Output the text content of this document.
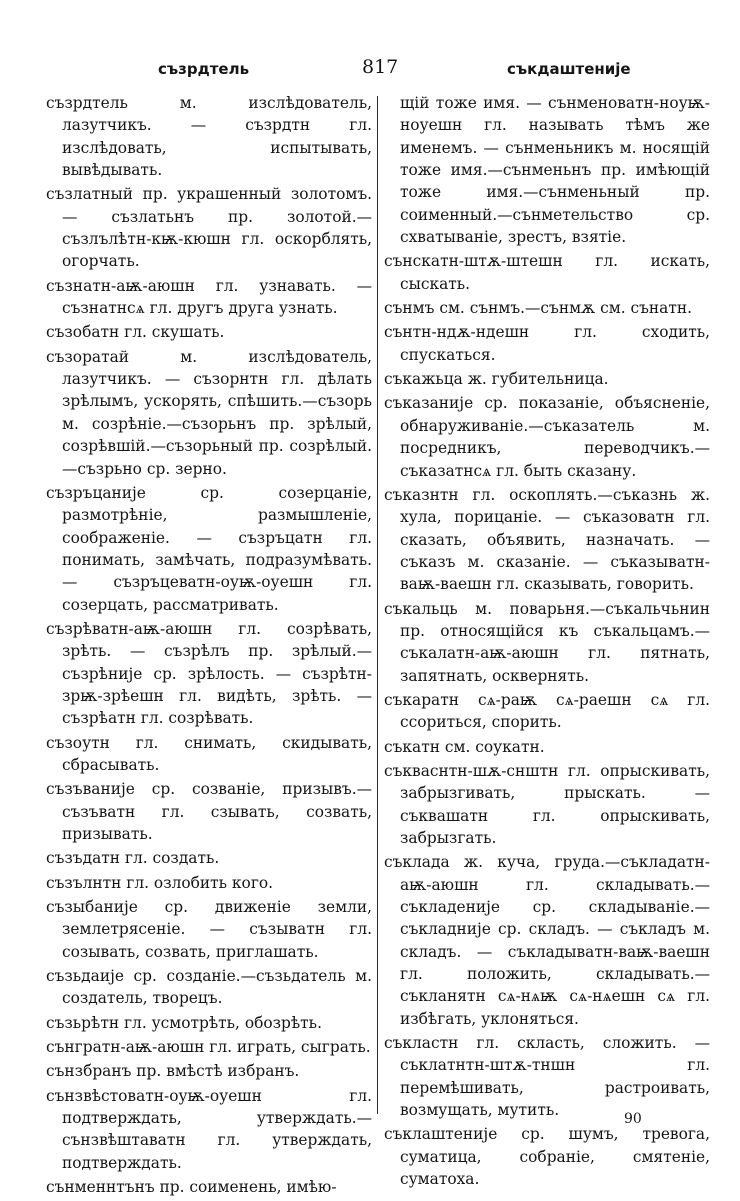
съзрдтель	817	съкдаштеније

съзрдтель м. изслѣдователь, лазутчикъ. — съзрдтн гл. изслѣдовать, испытывать, вывѣдывать.

съзлатный пр. украшенный золотомъ. — съзлатьнъ пр. золотой.— съзлълѣтн-кѭ-кюшн гл. оскорблять, огорчать.

съзнатн-аѭ-аюшн гл. узнавать. — съзнатнсѧ гл. другъ друга узнать.

съзобатн гл. скушать.

съзоратай м. изслѣдователь, лазутчикъ. — съзорнтн гл. дѣлать зрѣлымъ, ускорять, спѣшить.—съзорь м. созрѣніе.—съзорьнъ пр. зрѣлый, созрѣвшій.—съзорьный пр. созрѣлый.—съзрьно ср. зерно.

съзръцаније ср. созерцаніе, размотрѣніе, размышленіе, соображеніе. — съзръцатн гл. понимать, замѣчать, подразумѣвать. — съзръцеватн-оуѭ-оуешн гл. созерцать, рассматривать.

съзрѣватн-аѭ-аюшн гл. созрѣвать, зрѣть. — съзрѣлъ пр. зрѣлый.— съзрѣније ср. зрѣлость. — съзрѣтн-зрѭ-зрѣешн гл. видѣть, зрѣть. — съзрѣатн гл. созрѣвать.

съзоутн гл. снимать, скидывать, сбрасывать.

съзъваније ср. созваніе, призывъ.— съзъватн гл. сзывать, созвать, призывать.

съзъдатн гл. создать.

съзълнтн гл. озлобить кого.

съзыбаније ср. движеніе земли, землетрясеніе. — съзыватн гл. созывать, созвать, приглашать.

съзьдаије ср. созданіе.—съзьдатель м. создатель, творецъ.

съзьрѣтн гл. усмотрѣть, обозрѣть.

сънгратн-аѭ-аюшн гл. играть, сыграть.

сънзбранъ пр. вмѣстѣ избранъ.

сънзвѣстоватн-оуѭ-оуешн гл. подтверждать, утверждать.—сънзвѣштаватн гл. утверждать, подтверждать.

сънменнтънъ пр. соименень, имѣю-

щій тоже имя. — сънменоватн-ноуѭ-ноуешн гл. называть тѣмъ же именемъ. — сънменьникъ м. носящій тоже имя.—сънменьнъ пр. имѣющій тоже имя.—сънменьный пр. соименный.—сънметельство ср. схватываніе, зрестъ, взятіе.

сънскатн-штѫ-штешн гл. искать, сыскать.

сънмъ см. сънмъ.—сънмѫ см. сънатн.

сънтн-ндѫ-ндешн гл. сходить, спускаться.

съкажьца ж. губительница.

съказаније ср. показаніе, объясненіе, обнаруживаніе.—съказатель м. посредникъ, переводчикъ.—съказатнсѧ гл. быть сказану.

съказнтн гл. оскоплять.—съказнь ж. хула, порицаніе. — съказоватн гл. сказать, объявить, назначать. — съказъ м. сказаніе. — съказыватн-ваѭ-ваешн гл. сказывать, говорить.

съкальць м. поварьня.—съкальчьнин пр. относящійся къ съкальцамъ.— съкалатн-аѭ-аюшн гл. пятнать, запятнать, осквернять.

съкаратн сѧ-раѭ сѧ-раешн сѧ гл. ссориться, спорить.

съкатн см. соукатн.

съкваснтн-шѫ-снштн гл. опрыскивать, забрызгивать, прыскать. — съквашатн гл. опрыскивать, забрызгать.

съклада ж. куча, груда.—съкладатн-аѭ-аюшн гл. складывать.—съкладеније ср. складываніе.—съкладније ср. складъ. — съкладъ м. складъ. — съкладыватн-ваѭ-ваешн гл. положить, складывать.—съкланятн сѧ-нѧѭ сѧ-нѧешн сѧ гл. избѣгать, уклоняться.

съкластн гл. скласть, сложить. — съклатнтн-штѫ-тншн гл. перемѣшивать, растроивать, возмущать, мутить.

съклаштеније ср. шумъ, тревога, суматица, собраніе, смятеніе, суматоха.

90
